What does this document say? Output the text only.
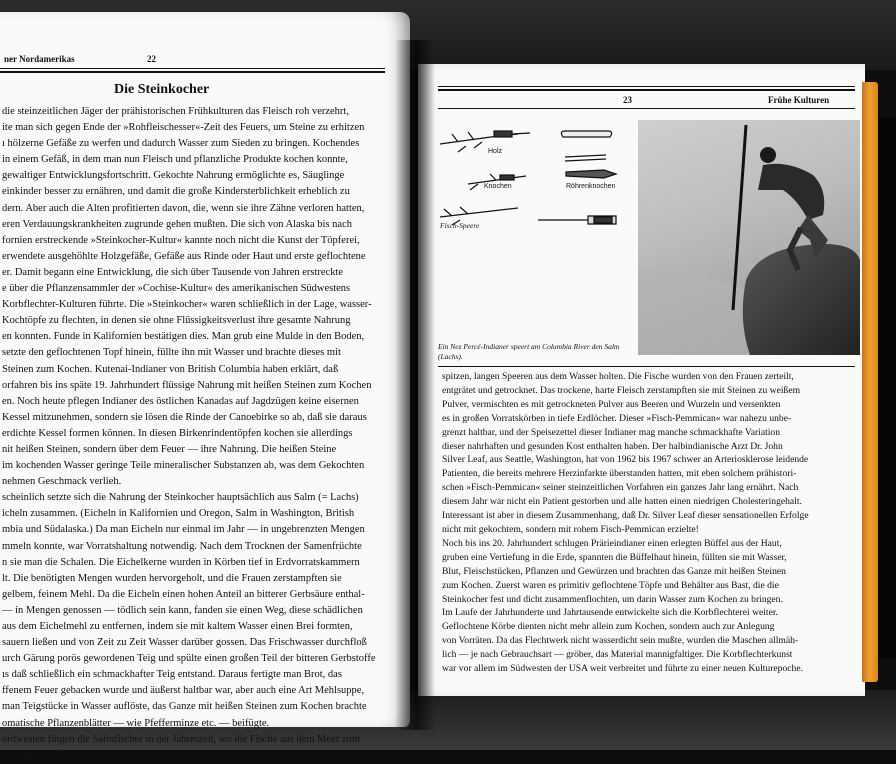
ner Nordamerikas	22
Die Steinkocher
die steinzeitlichen Jäger der prähistorischen Frühkulturen das Fleisch roh verzehrt,
ite man sich gegen Ende der »Rohfleischesser«-Zeit des Feuers, um Steine zu erhitzen
ı hölzerne Gefäße zu werfen und dadurch Wasser zum Sieden zu bringen. Kochendes
in einem Gefäß, in dem man nun Fleisch und pflanzliche Produkte kochen konnte,
gewaltiger Entwicklungsfortschritt. Gekochte Nahrung ermöglichte es, Säuglinge
einkinder besser zu ernähren, und damit die große Kindersterblichkeit erheblich zu
dern. Aber auch die Alten profitierten davon, die, wenn sie ihre Zähne verloren hatten,
eren Verdauungskrankheiten zugrunde gehen mußten. Die sich von Alaska bis nach
fornien erstreckende »Steinkocher-Kultur« kannte noch nicht die Kunst der Töpferei,
erwendete ausgehöhlte Holzgefäße, Gefäße aus Rinde oder Haut und erste geflochtene
er. Damit begann eine Entwicklung, die sich über Tausende von Jahren erstreckte
e über die Pflanzensammler der »Cochise-Kultur« des amerikanischen Südwestens
Korbflechter-Kulturen führte. Die »Steinkocher« waren schließlich in der Lage, wasser-
Kochtöpfe zu flechten, in denen sie ohne Flüssigkeitsverlust ihre gesamte Nahrung
en konnten. Funde in Kalifornien bestätigen dies. Man grub eine Mulde in den Boden,
setzte den geflochtenen Topf hinein, füllte ihn mit Wasser und brachte dieses mit
Steinen zum Kochen. Kutenai-Indianer von British Columbia haben erklärt, daß
orfahren bis ins späte 19. Jahrhundert flüssige Nahrung mit heißen Steinen zum Kochen
en. Noch heute pflegen Indianer des östlichen Kanadas auf Jagdzügen keine eisernen
Kessel mitzunehmen, sondern sie lösen die Rinde der Canoebirke so ab, daß sie daraus
erdichte Kessel formen können. In diesen Birkenrindentöpfen kochen sie allerdings
nit heißen Steinen, sondern über dem Feuer — ihre Nahrung. Die heißen Steine
im kochenden Wasser geringe Teile mineralischer Substanzen ab, was dem Gekochten
nehmen Geschmack verlieh.
scheinlich setzte sich die Nahrung der Steinkocher hauptsächlich aus Salm (= Lachs)
icheln zusammen. (Eicheln in Kalifornien und Oregon, Salm in Washington, British
mbia und Südalaska.) Da man Eicheln nur einmal im Jahr — in ungebrenzten Mengen
mmeln konnte, war Vorratshaltung notwendig. Nach dem Trocknen der Samenfrüchte
n sie man die Schalen. Die Eichelkerne wurden in Körben tief in Erdvorratskammern
lt. Die benötigten Mengen wurden hervorgeholt, und die Frauen zerstampften sie
gelbem, feinem Mehl. Da die Eicheln einen hohen Anteil an bitterer Gerbsäure enthal-
— in Mengen genossen — tödlich sein kann, fanden sie einen Weg, diese schädlichen
aus dem Eichelmehl zu entfernen, indem sie mit kaltem Wasser einen Brei formten,
sauern ließen und von Zeit zu Zeit Wasser darüber gossen. Das Frischwasser durchfloß
urch Gärung porös gewordenen Teig und spülte einen großen Teil der bitteren Gerbstoffe
ıs daß schließlich ein schmackhafter Teig entstand. Daraus fertigte man Brot, das
ffenem Feuer gebacken wurde und äußerst haltbar war, aber auch eine Art Mehlsuppe,
man Teigstücke in Wasser auflöste, das Ganze mit heißen Steinen zum Kochen brachte
omatische Pflanzenblätter — wie Pfefferminze etc. — beifügte.
ordwesten fingen die Salmfischer in der Jahreszeit, wo die Fische aus dem Meer zum
n die Flüsse hinaufwanderten, diese in großen Mengen, indem sie einfach mit
23	Frühe Kulturen
Holz
Knochen	Röhrenknochen
Fisch-Speere
Ein Nez Percé-Indianer speert am Columbia River den Salm (Lachs).
spitzen, langen Speeren aus dem Wasser holten. Die Fische wurden von den Frauen zerteilt,
entgrätet und getrocknet. Das trockene, harte Fleisch zerstampften sie mit Steinen zu weißem
Pulver, vermischten es mit getrockneten Pulver aus Beeren und Wurzeln und versenkten
es in großen Vorratskörben in tiefe Erdlöcher. Dieser »Fisch-Pemmican« war nahezu unbe-
grenzt haltbar, und der Speisezettel dieser Indianer mag manche schmackhafte Variation
dieser nahrhaften und gesunden Kost enthalten haben. Der halbindianische Arzt Dr. John
Silver Leaf, aus Seattle, Washington, hat von 1962 bis 1967 schwer an Arteriosklerose leidende
Patienten, die bereits mehrere Herzinfarkte überstanden hatten, mit eben solchem prähistori-
schen »Fisch-Pemmican« seiner steinzeitlichen Vorfahren ein ganzes Jahr lang ernährt. Nach
diesem Jahr war nicht ein Patient gestorben und alle hatten einen niedrigen Cholesteringehalt.
Interessant ist aber in diesem Zusammenhang, daß Dr. Silver Leaf dieser sensationellen Erfolge
nicht mit gekochtem, sondern mit rohem Fisch-Pemmican erzielte!
Noch bis ins 20. Jahrhundert schlugen Prärieindianer einen erlegten Büffel aus der Haut,
gruben eine Vertiefung in die Erde, spannten die Büffelhaut hinein, füllten sie mit Wasser,
Blut, Fleischstücken, Pflanzen und Gewürzen und brachten das Ganze mit heißen Steinen
zum Kochen. Zuerst waren es primitiv geflochtene Töpfe und Behälter aus Bast, die die
Steinkocher fest und dicht zusammenflochten, um darin Wasser zum Kochen zu bringen.
Im Laufe der Jahrhunderte und Jahrtausende entwickelte sich die Korbflechterei weiter.
Geflochtene Körbe dienten nicht mehr allein zum Kochen, sondern auch zur Anlegung
von Vorräten. Da das Flechtwerk nicht wasserdicht sein mußte, wurden die Maschen allmäh-
lich — je nach Gebrauchsart — gröber, das Material mannigfaltiger. Die Korbflechterkunst
war vor allem im Südwesten der USA weit verbreitet und führte zu einer neuen Kulturepoche.
